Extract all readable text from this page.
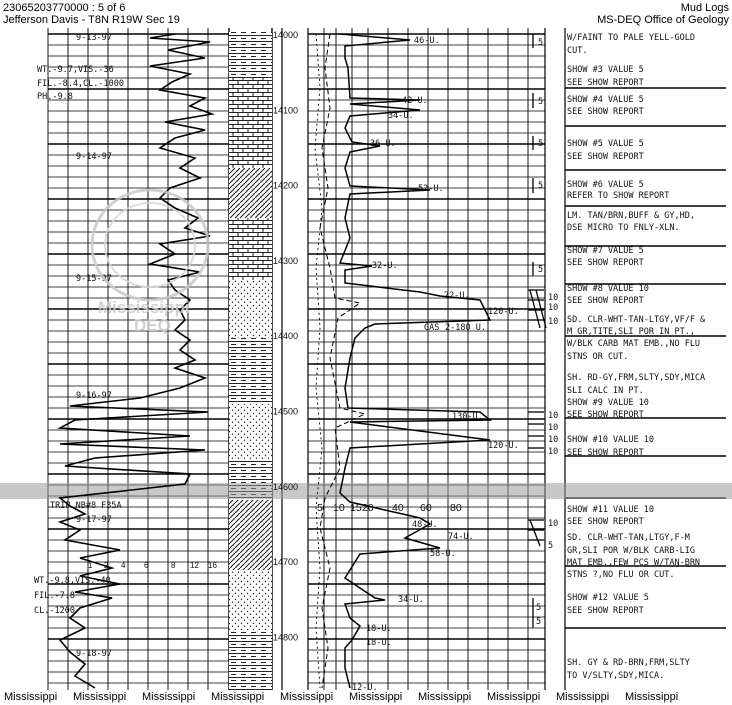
23065203770000 : 5 of 6
Jefferson Davis - T8N R19W Sec 19
Mud Logs
MS-DEQ Office of Geology
14000
14100
14200
14300
14400
14500
14600
14700
14800
9-13-97
9-14-97
9-15-97
9-16-97
9-17-97
9-18-97
WT.-9.7,VIS.-36
FIL.-8.4,CL.-1000
PH.-9.8
TRIP NB#8 F35A
WT.-9.8,VIS.-40
FIL.-7.8
CL.-1200
1 2 4 6	8 12 16
5 10 15 20 40 60 80
46-U.
42-U.
34-U.
36-U.
52-U.
32-U.
72-U.
120-U.
GAS 2-180 U.
130-U.
120-U.
48-U.
74-U.
58-U.
34-U.
18-U.
18-U.
12-U.
5
5
5
5
5
10
10
10
10
10
10
10
10
5
5
5
W/FAINT TO PALE YELL-GOLD
CUT.
SHOW #3 VALUE 5
SEE SHOW REPORT
SHOW #4 VALUE 5
SEE SHOW REPORT
SHOW #5 VALUE 5
SEE SHOW REPORT
SHOW #6 VALUE 5
REFER TO SHOW REPORT
LM. TAN/BRN,BUFF & GY,HD,
DSE MICRO TO FNLY-XLN.
SHOW #7 VALUE 5
SEE SHOW REPORT
SHOW #8 VALUE 10
SEE SHOW REPORT
SD. CLR-WHT-TAN-LTGY,VF/F &
M GR,TITE,SLI POR IN PT.,
W/BLK CARB MAT EMB.,NO FLU
STNS OR CUT.
SH. RD-GY,FRM,SLTY,SDY,MICA
SLI CALC IN PT.
SHOW #9 VALUE 10
SEE SHOW REPORT
SHOW #10 VALUE 10
SEE SHOW REPORT
SHOW #11 VALUE 10
SEE SHOW REPORT
SD. CLR-WHT-TAN,LTGY,F-M
GR,SLI POR W/BLK CARB-LIG
MAT EMB.,FEW PCS W/TAN-BRN
STNS ?,NO FLU OR CUT.
SHOW #12 VALUE 5
SEE SHOW REPORT
SH. GY & RD-BRN,FRM,SLTY
TO V/SLTY,SDY,MICA.
Mississippi
DEQ
Mississippi Mississippi Mississippi Mississippi Mississippi Mississippi Mississippi Mississippi Mississippi Mississippi
